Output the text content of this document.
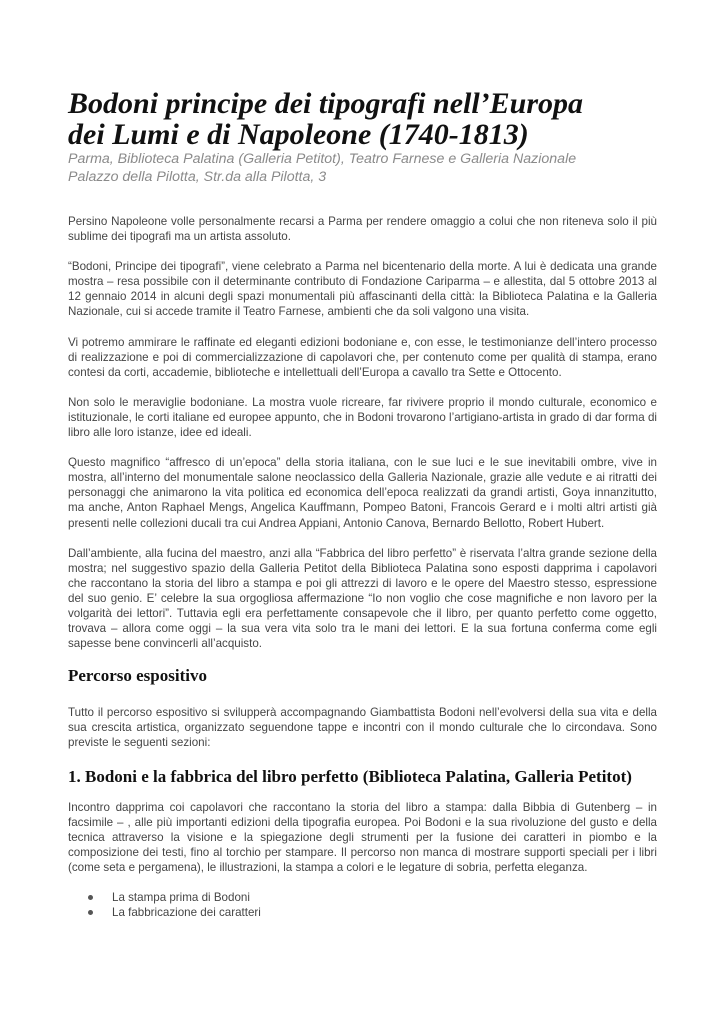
Bodoni principe dei tipografi nell’Europa
dei Lumi e di Napoleone (1740-1813)
Parma, Biblioteca Palatina (Galleria Petitot), Teatro Farnese e Galleria Nazionale
Palazzo della Pilotta, Str.da alla Pilotta, 3

Persino Napoleone volle personalmente recarsi a Parma per rendere omaggio a colui che non riteneva solo il più sublime dei tipografi ma un artista assoluto.

“Bodoni, Principe dei tipografi”, viene celebrato a Parma nel bicentenario della morte. A lui è dedicata una grande mostra – resa possibile con il determinante contributo di Fondazione Cariparma – e allestita, dal 5 ottobre 2013 al 12 gennaio 2014 in alcuni degli spazi monumentali più affascinanti della città: la Biblioteca Palatina e la Galleria Nazionale, cui si accede tramite il Teatro Farnese, ambienti che da soli valgono una visita.

Vi potremo ammirare le raffinate ed eleganti edizioni bodoniane e, con esse, le testimonianze dell’intero processo di realizzazione e poi di commercializzazione di capolavori che, per contenuto come per qualità di stampa, erano contesi da corti, accademie, biblioteche e intellettuali dell’Europa a cavallo tra Sette e Ottocento.

Non solo le meraviglie bodoniane. La mostra vuole ricreare, far rivivere proprio il mondo culturale, economico e istituzionale, le corti italiane ed europee appunto, che in Bodoni trovarono l’artigiano-artista in grado di dar forma di libro alle loro istanze, idee ed ideali.

Questo magnifico “affresco di un’epoca” della storia italiana, con le sue luci e le sue inevitabili ombre, vive in mostra, all’interno del monumentale salone neoclassico della Galleria Nazionale, grazie alle vedute e ai ritratti dei personaggi che animarono la vita politica ed economica dell’epoca realizzati da grandi artisti, Goya innanzitutto, ma anche, Anton Raphael Mengs, Angelica Kauffmann, Pompeo Batoni, Francois Gerard e i molti altri artisti già presenti nelle collezioni ducali tra cui Andrea Appiani, Antonio Canova, Bernardo Bellotto, Robert Hubert.

Dall’ambiente, alla fucina del maestro, anzi alla “Fabbrica del libro perfetto” è riservata l’altra grande sezione della mostra; nel suggestivo spazio della Galleria Petitot della Biblioteca Palatina sono esposti dapprima i capolavori che raccontano la storia del libro a stampa e poi gli attrezzi di lavoro e le opere del Maestro stesso, espressione del suo genio. E’ celebre la sua orgogliosa affermazione “Io non voglio che cose magnifiche e non lavoro per la volgarità dei lettori”. Tuttavia egli era perfettamente consapevole che il libro, per quanto perfetto come oggetto, trovava – allora come oggi – la sua vera vita solo tra le mani dei lettori. E la sua fortuna conferma come egli sapesse bene convincerli all’acquisto.

Percorso espositivo

Tutto il percorso espositivo si svilupperà accompagnando Giambattista Bodoni nell’evolversi della sua vita e della sua crescita artistica, organizzato seguendone tappe e incontri con il mondo culturale che lo circondava. Sono previste le seguenti sezioni:

1. Bodoni e la fabbrica del libro perfetto (Biblioteca Palatina, Galleria Petitot)

Incontro dapprima coi capolavori che raccontano la storia del libro a stampa: dalla Bibbia di Gutenberg – in facsimile – , alle più importanti edizioni della tipografia europea. Poi Bodoni e la sua rivoluzione del gusto e della tecnica attraverso la visione e la spiegazione degli strumenti per la fusione dei caratteri in piombo e la composizione dei testi, fino al torchio per stampare. Il percorso non manca di mostrare supporti speciali per i libri (come seta e pergamena), le illustrazioni, la stampa a colori e le legature di sobria, perfetta eleganza.

La stampa prima di Bodoni
La fabbricazione dei caratteri
